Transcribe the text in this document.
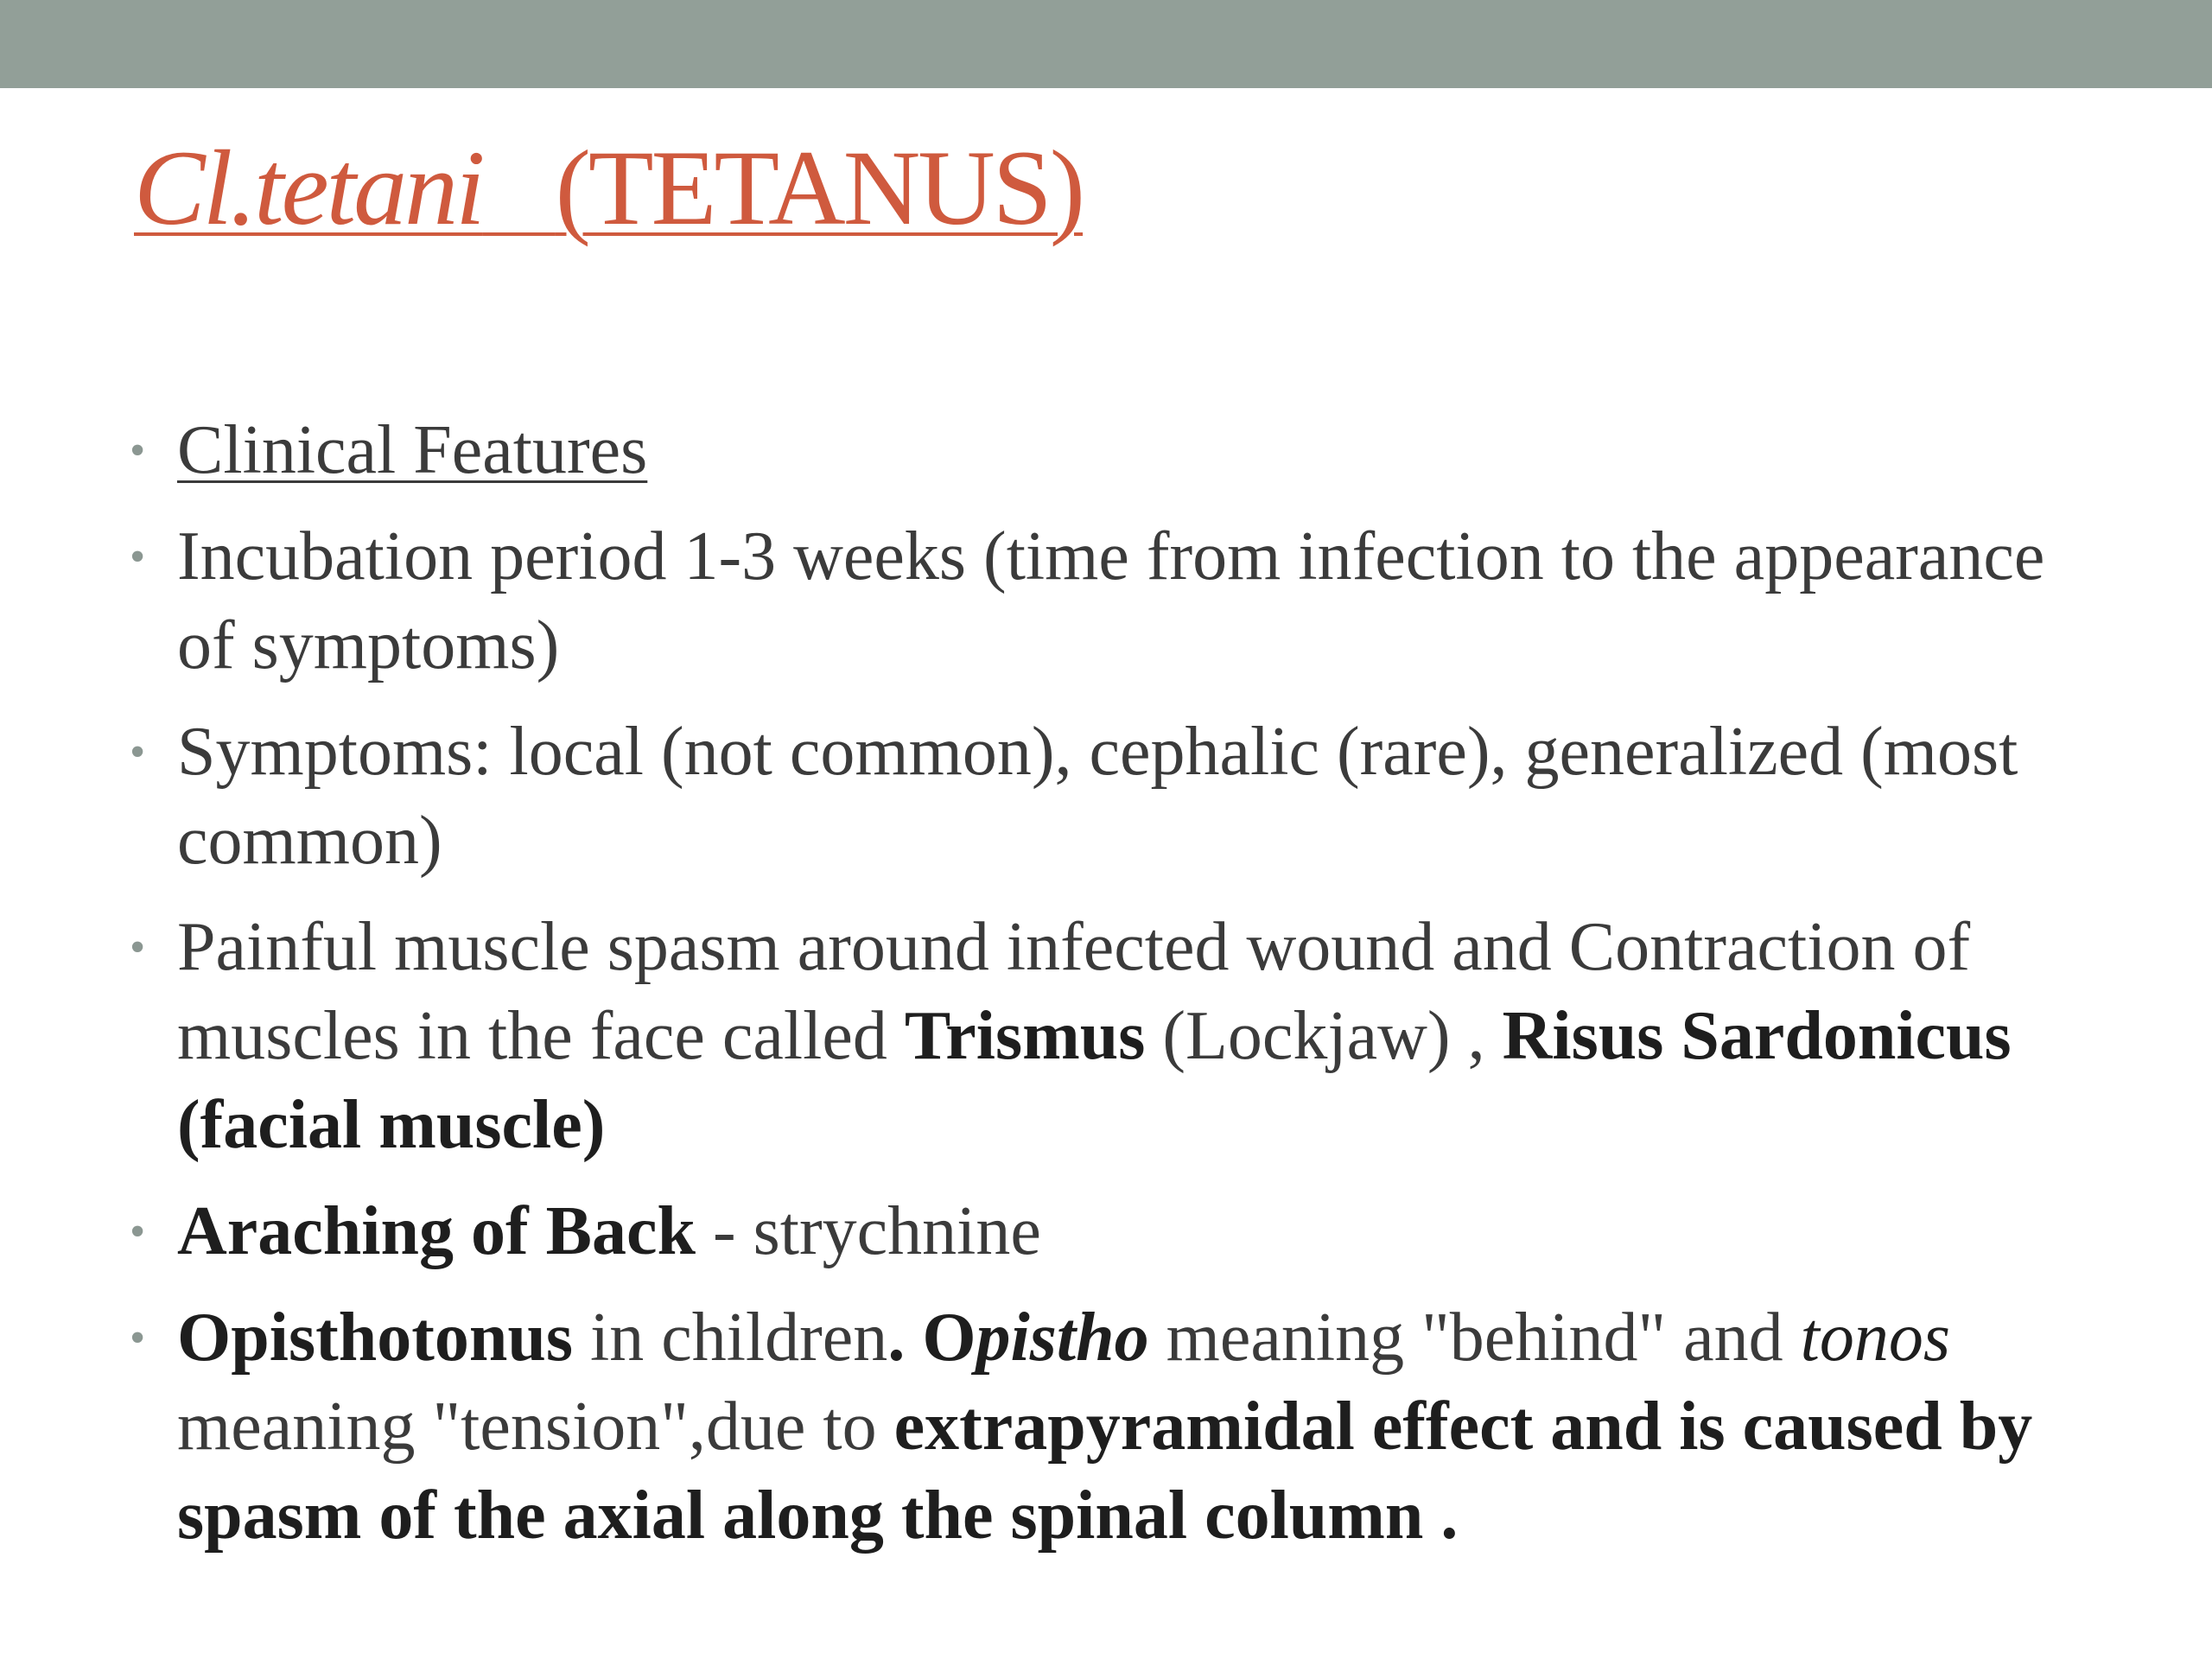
Cl.tetani (TETANUS)
• Clinical Features
• Incubation period 1-3 weeks (time from infection to the appearance of symptoms)
• Symptoms: local (not common), cephalic (rare), generalized (most common)
• Painful muscle spasm around infected wound and Contraction of muscles in the face called Trismus (Lockjaw) , Risus Sardonicus (facial muscle)
• Araching of Back - strychnine
• Opisthotonus in children. Opistho meaning "behind" and tonos meaning "tension",due to extrapyramidal effect and is caused by spasm of the axial along the spinal column .
